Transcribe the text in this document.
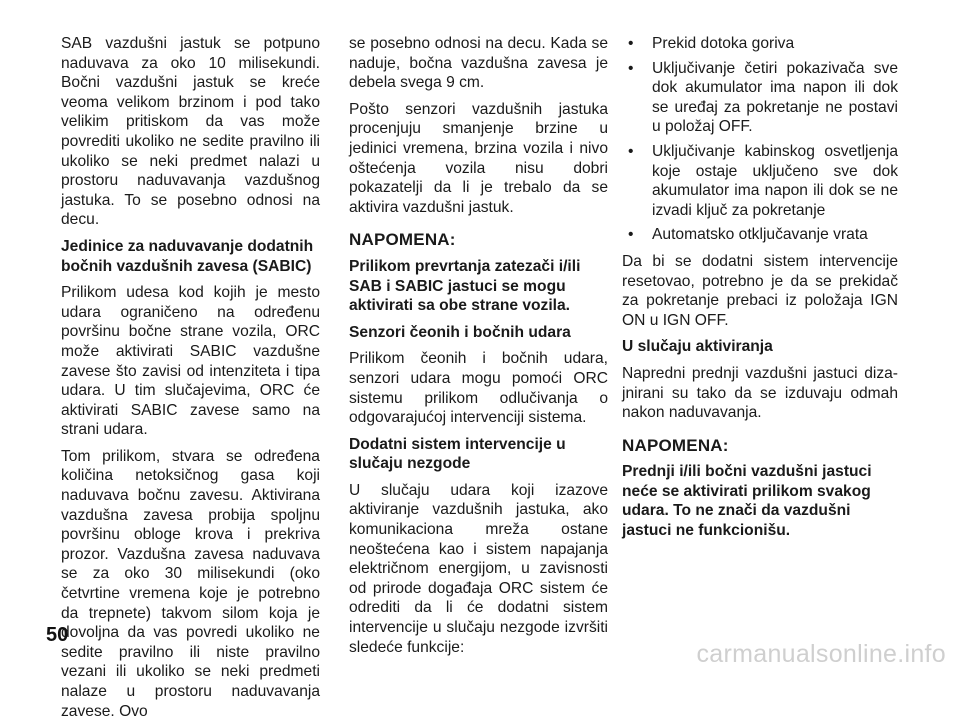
SAB vazdušni jastuk se potpuno naduvava za oko 10 milisekundi. Bočni vazdušni jastuk se kreće veoma velikom brzinom i pod tako velikim pritiskom da vas može povrediti ukoliko ne sedite pravilno ili ukoliko se neki predmet nalazi u prostoru naduvavanja vazdušnog jastuka. To se posebno odnosi na decu.

Jedinice za naduvavanje dodatnih bočnih vazdušnih zavesa (SABIC)

Prilikom udesa kod kojih je mesto udara ograničeno na određenu površinu bočne strane vozila, ORC može aktivirati SABIC vazdušne zavese što zavisi od intenziteta i tipa udara. U tim slučajevima, ORC će aktivirati SABIC zavese samo na strani udara.

Tom prilikom, stvara se određena količina netoksičnog gasa koji naduvava bočnu zavesu. Aktivirana vazdušna zavesa probija spoljnu površinu obloge krova i prekriva prozor. Vazdušna zavesa naduvava se za oko 30 milisekundi (oko četvrtine vremena koje je potrebno da trepnete) takvom silom koja je dovoljna da vas povredi ukoliko ne sedite pravilno ili niste pravilno vezani ili ukoliko se neki predmeti nalaze u prostoru naduvavanja zavese. Ovo

se posebno odnosi na decu. Kada se naduje, bočna vazdušna zavesa je debela svega 9 cm.

Pošto senzori vazdušnih jastuka procenjuju smanjenje brzine u jedinici vremena, brzina vozila i nivo oštećenja vozila nisu dobri pokazatelji da li je trebalo da se aktivira vazdušni jastuk.

NAPOMENA:

Prilikom prevrtanja zatezači i/ili SAB i SABIC jastuci se mogu aktivirati sa obe strane vozila.

Senzori čeonih i bočnih udara

Prilikom čeonih i bočnih udara, senzori udara mogu pomoći ORC sistemu prilikom odlučivanja o odgovarajućoj intervenciji sistema.

Dodatni sistem intervencije u slučaju nezgode

U slučaju udara koji izazove aktiviranje vazdušnih jastuka, ako komunikaciona mreža ostane neoštećena kao i sistem napajanja električnom energijom, u zavisnosti od prirode događaja ORC sistem će odrediti da li će dodatni sistem intervencije u slučaju nezgode izvršiti sledeće funkcije:

• Prekid dotoka goriva
• Uključivanje četiri pokazivača sve dok akumulator ima napon ili dok se uređaj za pokretanje ne postavi u položaj OFF.
• Uključivanje kabinskog osvetljenja koje ostaje uključeno sve dok akumulator ima napon ili dok se ne izvadi ključ za pokretanje
• Automatsko otključavanje vrata

Da bi se dodatni sistem intervencije resetovao, potrebno je da se prekidač za pokretanje prebaci iz položaja IGN ON u IGN OFF.

U slučaju aktiviranja

Napredni prednji vazdušni jastuci diza-jnirani su tako da se izduvaju odmah nakon naduvavanja.

NAPOMENA:

Prednji i/ili bočni vazdušni jastuci neće se aktivirati prilikom svakog udara. To ne znači da vazdušni jastuci ne funkcionišu.

50
carmanualsonline.info
